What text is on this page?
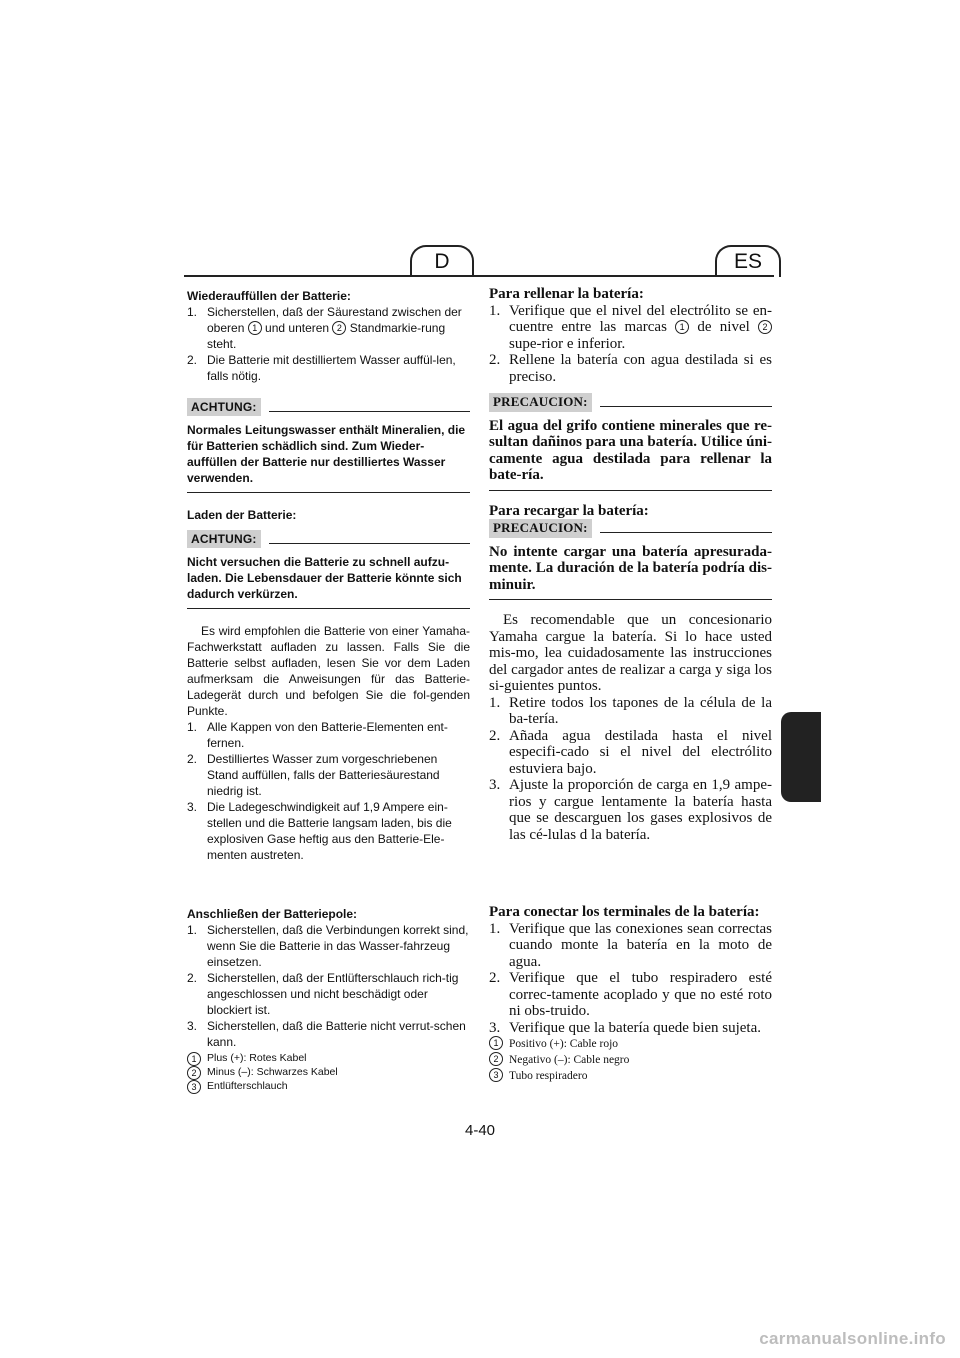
D	ES

Wiederauffüllen der Batterie:

1. Sicherstellen, daß der Säurestand zwischen der oberen 1 und unteren 2 Standmarkie-rung steht.
2. Die Batterie mit destilliertem Wasser auffül-len, falls nötig.
ACHTUNG:

Normales Leitungswasser enthält Mineralien, die für Batterien schädlich sind. Zum Wieder-auffüllen der Batterie nur destilliertes Wasser verwenden.

Laden der Batterie:

ACHTUNG:

Nicht versuchen die Batterie zu schnell aufzu-laden. Die Lebensdauer der Batterie könnte sich dadurch verkürzen.

Es wird empfohlen die Batterie von einer Yamaha-Fachwerkstatt aufladen zu lassen. Falls Sie die Batterie selbst aufladen, lesen Sie vor dem Laden aufmerksam die Anweisungen für das Batterie-Ladegerät durch und befolgen Sie die fol-genden Punkte.

1. Alle Kappen von den Batterie-Elementen ent-fernen.
2. Destilliertes Wasser zum vorgeschriebenen Stand auffüllen, falls der Batteriesäurestand niedrig ist.
3. Die Ladegeschwindigkeit auf 1,9 Ampere ein-stellen und die Batterie langsam laden, bis die explosiven Gase heftig aus den Batterie-Ele-menten austreten.

Para rellenar la batería:

1. Verifique que el nivel del electrólito se en-cuentre entre las marcas 1 de nivel 2 supe-rior e inferior.
2. Rellene la batería con agua destilada si es preciso.
PRECAUCION:

El agua del grifo contiene minerales que re-sultan dañinos para una batería. Utilice úni-camente agua destilada para rellenar la bate-ría.

Para recargar la batería:

PRECAUCION:

No intente cargar una batería apresurada-mente. La duración de la batería podría dis-minuir.

Es recomendable que un concesionario Yamaha cargue la batería. Si lo hace usted mis-mo, lea cuidadosamente las instrucciones del cargador antes de realizar a carga y siga los si-guientes puntos.

1. Retire todos los tapones de la célula de la ba-tería.
2. Añada agua destilada hasta el nivel especifi-cado si el nivel del electrólito estuviera bajo.
3. Ajuste la proporción de carga en 1,9 ampe-rios y cargue lentamente la batería hasta que se descarguen los gases explosivos de las cé-lulas d la batería.

Anschließen der Batteriepole:

1. Sicherstellen, daß die Verbindungen korrekt sind, wenn Sie die Batterie in das Wasser-fahrzeug einsetzen.
2. Sicherstellen, daß der Entlüfterschlauch rich-tig angeschlossen und nicht beschädigt oder blockiert ist.
3. Sicherstellen, daß die Batterie nicht verrut-schen kann.
1	Plus (+): Rotes Kabel
2	Minus (–): Schwarzes Kabel
3	Entlüfterschlauch

Para conectar los terminales de la batería:

1. Verifique que las conexiones sean correctas cuando monte la batería en la moto de agua.
2. Verifique que el tubo respiradero esté correc-tamente acoplado y que no esté roto ni obs-truido.
3. Verifique que la batería quede bien sujeta.
1 Positivo (+): Cable rojo
2 Negativo (–): Cable negro
3 Tubo respiradero
4-40
carmanualsonline.info
